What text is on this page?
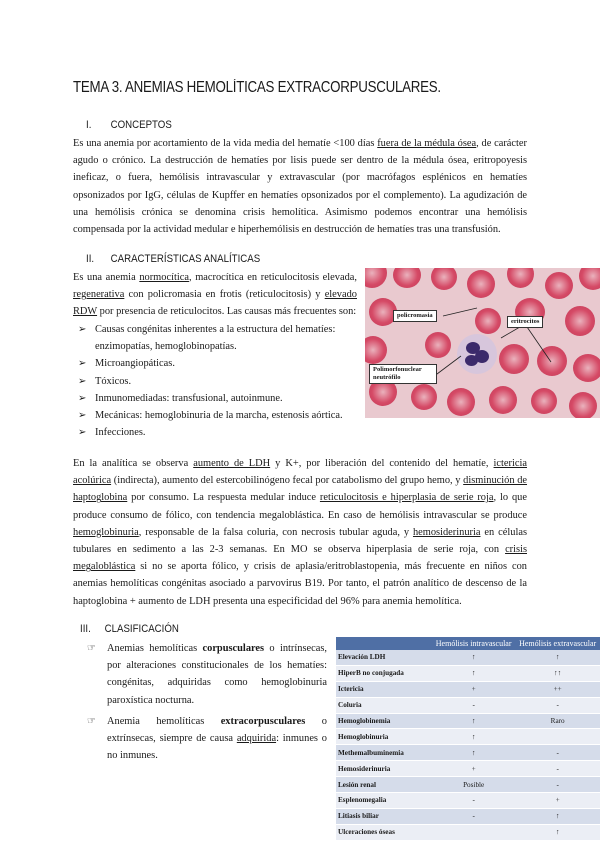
TEMA 3. ANEMIAS HEMOLÍTICAS EXTRACORPUSCULARES.
I. CONCEPTOS
Es una anemia por acortamiento de la vida media del hematíe <100 días fuera de la médula ósea, de carácter agudo o crónico. La destrucción de hematíes por lisis puede ser dentro de la médula ósea, eritropoyesis ineficaz, o fuera, hemólisis intravascular y extravascular (por macrófagos esplénicos en hematíes opsonizados por IgG, células de Kupffer en hematíes opsonizados por el complemento). La agudización de una hemólisis crónica se denomina crisis hemolítica. Asimismo podemos encontrar una hemólisis compensada por la actividad medular e hiperhemólisis en destrucción de hematíes tras una transfusión.
II. CARACTERÍSTICAS ANALÍTICAS
Es una anemia normocítica, macrocítica en reticulocitosis elevada, regenerativa con policromasia en frotis (reticulocitosis) y elevado RDW por presencia de reticulocitos. Las causas más frecuentes son:
➢ Causas congénitas inherentes a la estructura del hematíes: enzimopatías, hemoglobinopatías.
➢ Microangiopáticas.
➢ Tóxicos.
➢ Inmunomediadas: transfusional, autoinmune.
➢ Mecánicas: hemoglobinuria de la marcha, estenosis aórtica.
➢ Infecciones.
policromasia
eritrocitos
Polimorfonuclear neutrófilo
En la analítica se observa aumento de LDH y K+, por liberación del contenido del hematíe, ictericia acolúrica (indirecta), aumento del estercobilinógeno fecal por catabolismo del grupo hemo, y disminución de haptoglobina por consumo. La respuesta medular induce reticulocitosis e hiperplasia de serie roja, lo que produce consumo de fólico, con tendencia megaloblástica. En caso de hemólisis intravascular se produce hemoglobinuria, responsable de la falsa coluria, con necrosis tubular aguda, y hemosiderinuria en células tubulares en sedimento a las 2-3 semanas. En MO se observa hiperplasia de serie roja, con crisis megaloblástica si no se aporta fólico, y crisis de aplasia/eritroblastopenia, más frecuente en niños con anemias hemolíticas congénitas asociado a parvovirus B19. Por tanto, el patrón analítico de descenso de la haptoglobina + aumento de LDH presenta una especificidad del 96% para anemia hemolítica.
III. CLASIFICACIÓN
☞ Anemias hemolíticas corpusculares o intrínsecas, por alteraciones constitucionales de los hematíes: congénitas, adquiridas como hemoglobinuria paroxística nocturna.
☞ Anemia hemolíticas extracorpusculares o extrínsecas, siempre de causa adquirida: inmunes o no inmunes.
	Hemólisis intravascular	Hemólisis extravascular
Elevación LDH	↑	↑
HiperB no conjugada	↑	↑↑
Ictericia	+	++
Coluria	-	-
Hemoglobinemia	↑	Raro
Hemoglobinuria	↑	
Methemalbuminemia	↑	-
Hemosiderinuria	+	-
Lesión renal	Posible	-
Esplenomegalia	-	+
Litiasis biliar	-	↑
Ulceraciones óseas		↑
